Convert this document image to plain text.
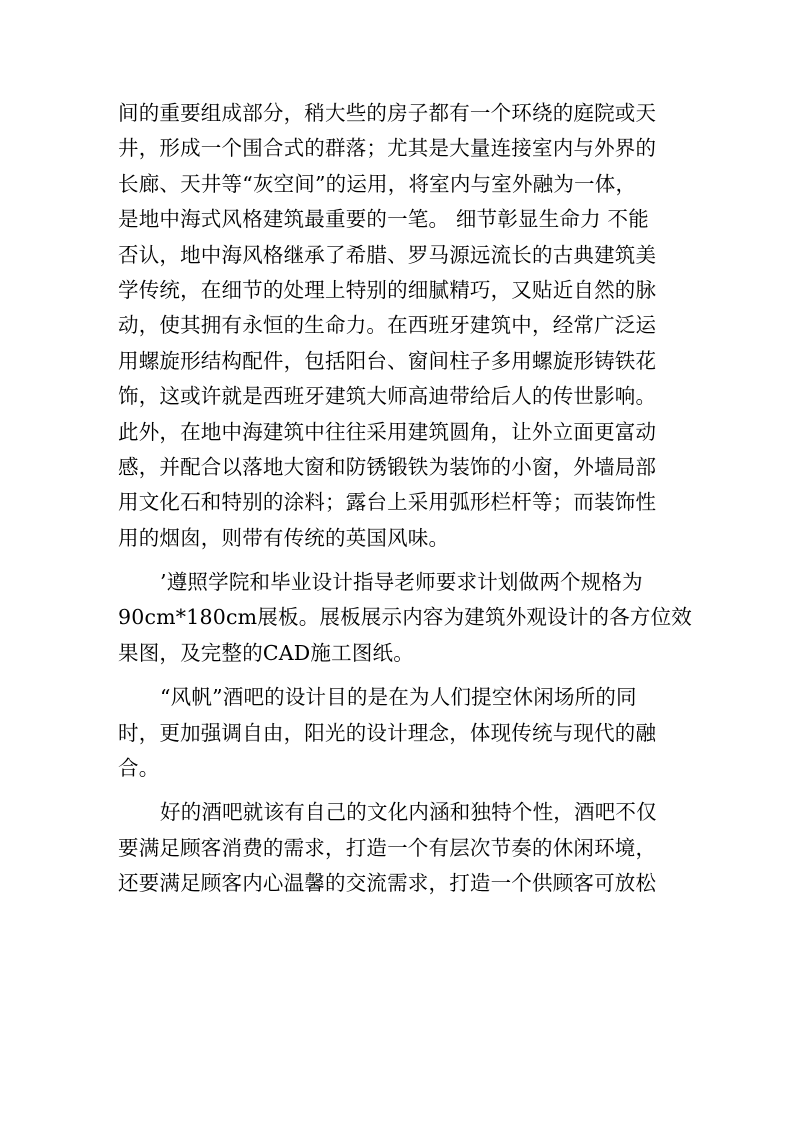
间的重要组成部分，稍大些的房子都有一个环绕的庭院或天
井，形成一个围合式的群落；尤其是大量连接室内与外界的
长廊、天井等“灰空间”的运用，将室内与室外融为一体，
是地中海式风格建筑最重要的一笔。 细节彰显生命力 不能
否认，地中海风格继承了希腊、罗马源远流长的古典建筑美
学传统，在细节的处理上特别的细腻精巧，又贴近自然的脉
动，使其拥有永恒的生命力。在西班牙建筑中，经常广泛运
用螺旋形结构配件，包括阳台、窗间柱子多用螺旋形铸铁花
饰，这或许就是西班牙建筑大师高迪带给后人的传世影响。
此外，在地中海建筑中往往采用建筑圆角，让外立面更富动
感，并配合以落地大窗和防锈锻铁为装饰的小窗，外墙局部
用文化石和特别的涂料；露台上采用弧形栏杆等；而装饰性
用的烟囱，则带有传统的英国风味。
’遵照学院和毕业设计指导老师要求计划做两个规格为
90cm*180cm展板。展板展示内容为建筑外观设计的各方位效
果图，及完整的CAD施工图纸。
“风帆”酒吧的设计目的是在为人们提空休闲场所的同
时，更加强调自由，阳光的设计理念，体现传统与现代的融
合。
好的酒吧就该有自己的文化内涵和独特个性，酒吧不仅
要满足顾客消费的需求，打造一个有层次节奏的休闲环境，
还要满足顾客内心温馨的交流需求，打造一个供顾客可放松
